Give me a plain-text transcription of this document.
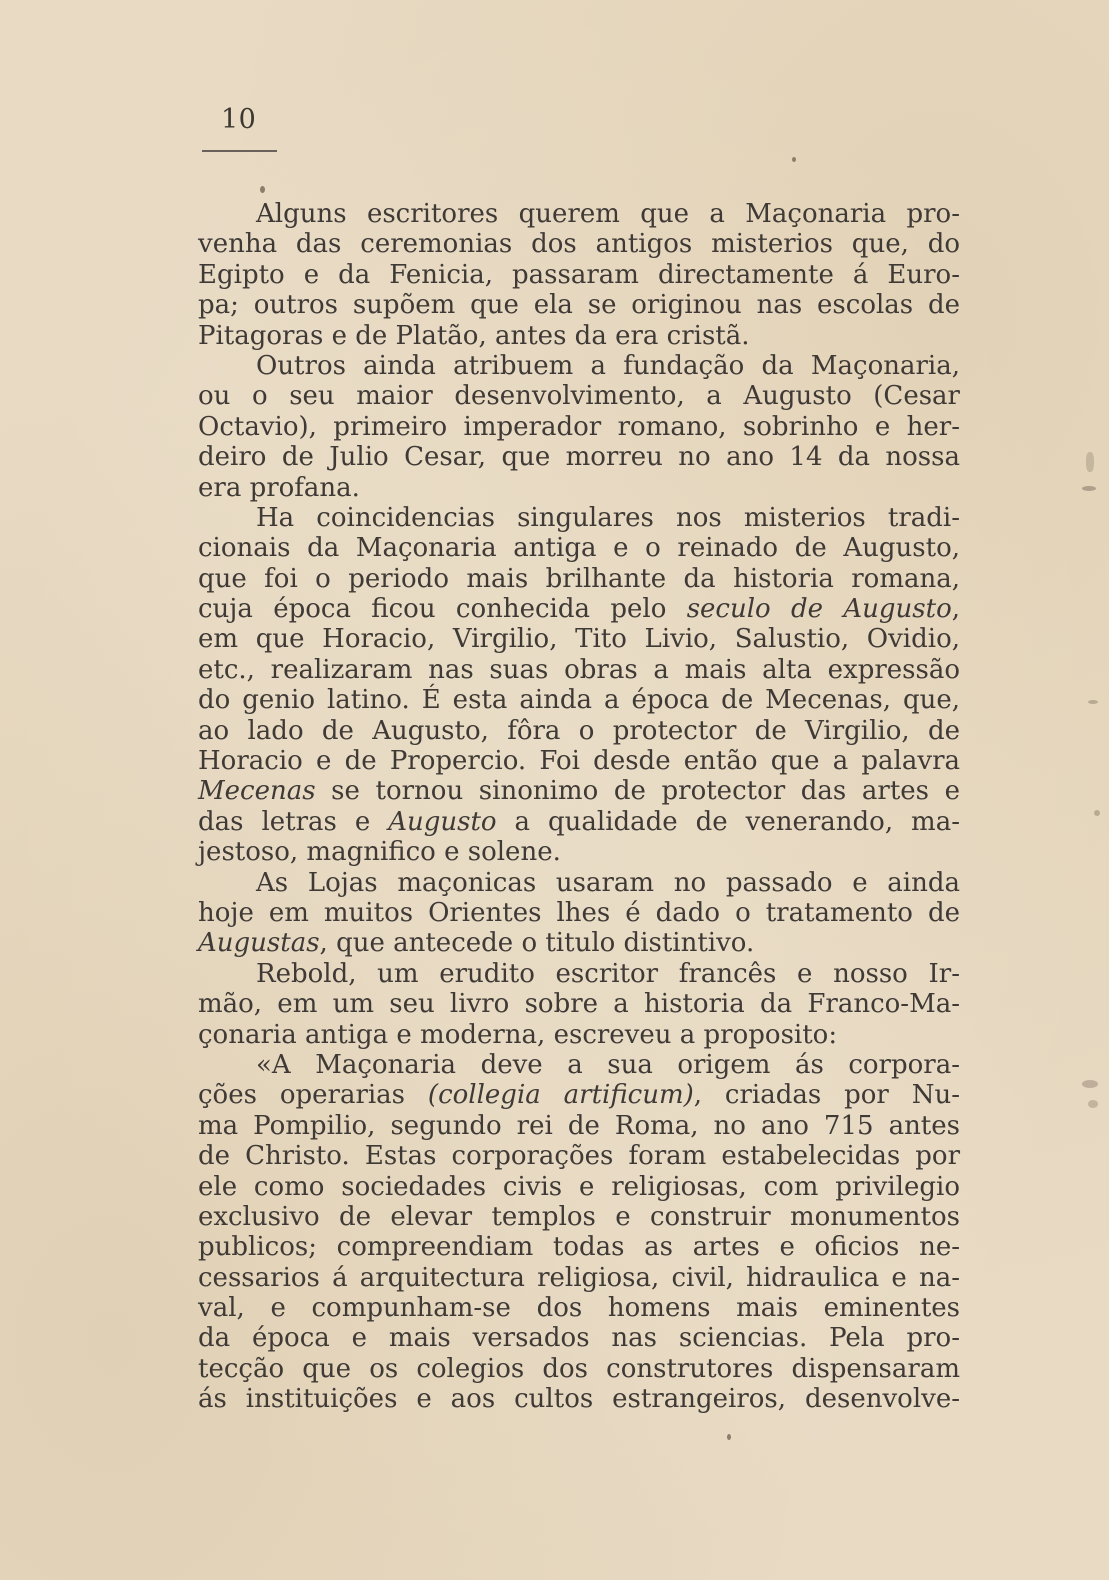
10
Alguns escritores querem que a Maçonaria pro-
venha das ceremonias dos antigos misterios que, do
Egipto e da Fenicia, passaram directamente á Euro-
pa; outros supõem que ela se originou nas escolas de
Pitagoras e de Platão, antes da era cristã.
Outros ainda atribuem a fundação da Maçonaria,
ou o seu maior desenvolvimento, a Augusto (Cesar
Octavio), primeiro imperador romano, sobrinho e her-
deiro de Julio Cesar, que morreu no ano 14 da nossa
era profana.
Ha coincidencias singulares nos misterios tradi-
cionais da Maçonaria antiga e o reinado de Augusto,
que foi o periodo mais brilhante da historia romana,
cuja época ficou conhecida pelo seculo de Augusto,
em que Horacio, Virgilio, Tito Livio, Salustio, Ovidio,
etc., realizaram nas suas obras a mais alta expressão
do genio latino. É esta ainda a época de Mecenas, que,
ao lado de Augusto, fôra o protector de Virgilio, de
Horacio e de Propercio. Foi desde então que a palavra
Mecenas se tornou sinonimo de protector das artes e
das letras e Augusto a qualidade de venerando, ma-
jestoso, magnifico e solene.
As Lojas maçonicas usaram no passado e ainda
hoje em muitos Orientes lhes é dado o tratamento de
Augustas, que antecede o titulo distintivo.
Rebold, um erudito escritor francês e nosso Ir-
mão, em um seu livro sobre a historia da Franco-Ma-
çonaria antiga e moderna, escreveu a proposito:
«A Maçonaria deve a sua origem ás corpora-
ções operarias (collegia artificum), criadas por Nu-
ma Pompilio, segundo rei de Roma, no ano 715 antes
de Christo. Estas corporações foram estabelecidas por
ele como sociedades civis e religiosas, com privilegio
exclusivo de elevar templos e construir monumentos
publicos; compreendiam todas as artes e oficios ne-
cessarios á arquitectura religiosa, civil, hidraulica e na-
val, e compunham-se dos homens mais eminentes
da época e mais versados nas sciencias. Pela pro-
tecção que os colegios dos construtores dispensaram
ás instituições e aos cultos estrangeiros, desenvolve-
